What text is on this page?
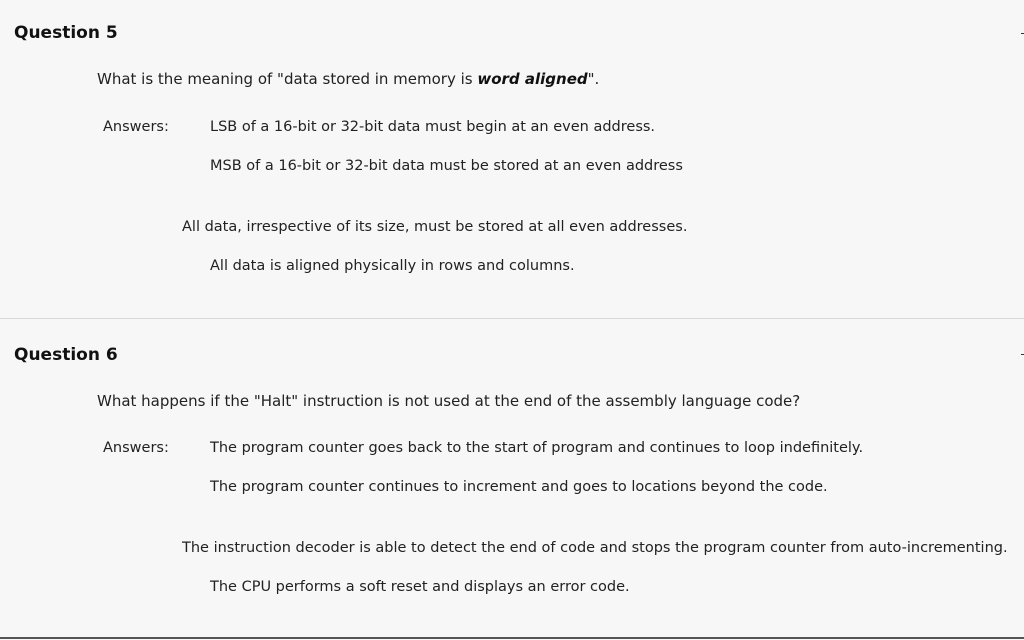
Question 5
What is the meaning of "data stored in memory is word aligned".
Answers:	LSB of a 16-bit or 32-bit data must begin at an even address.
MSB of a 16-bit or 32-bit data must be stored at an even address
All data, irrespective of its size, must be stored at all even addresses.
All data is aligned physically in rows and columns.
Question 6
What happens if the "Halt" instruction is not used at the end of the assembly language code?
Answers:	The program counter goes back to the start of program and continues to loop indefinitely.
The program counter continues to increment and goes to locations beyond the code.
The instruction decoder is able to detect the end of code and stops the program counter from auto-incrementing.
The CPU performs a soft reset and displays an error code.
